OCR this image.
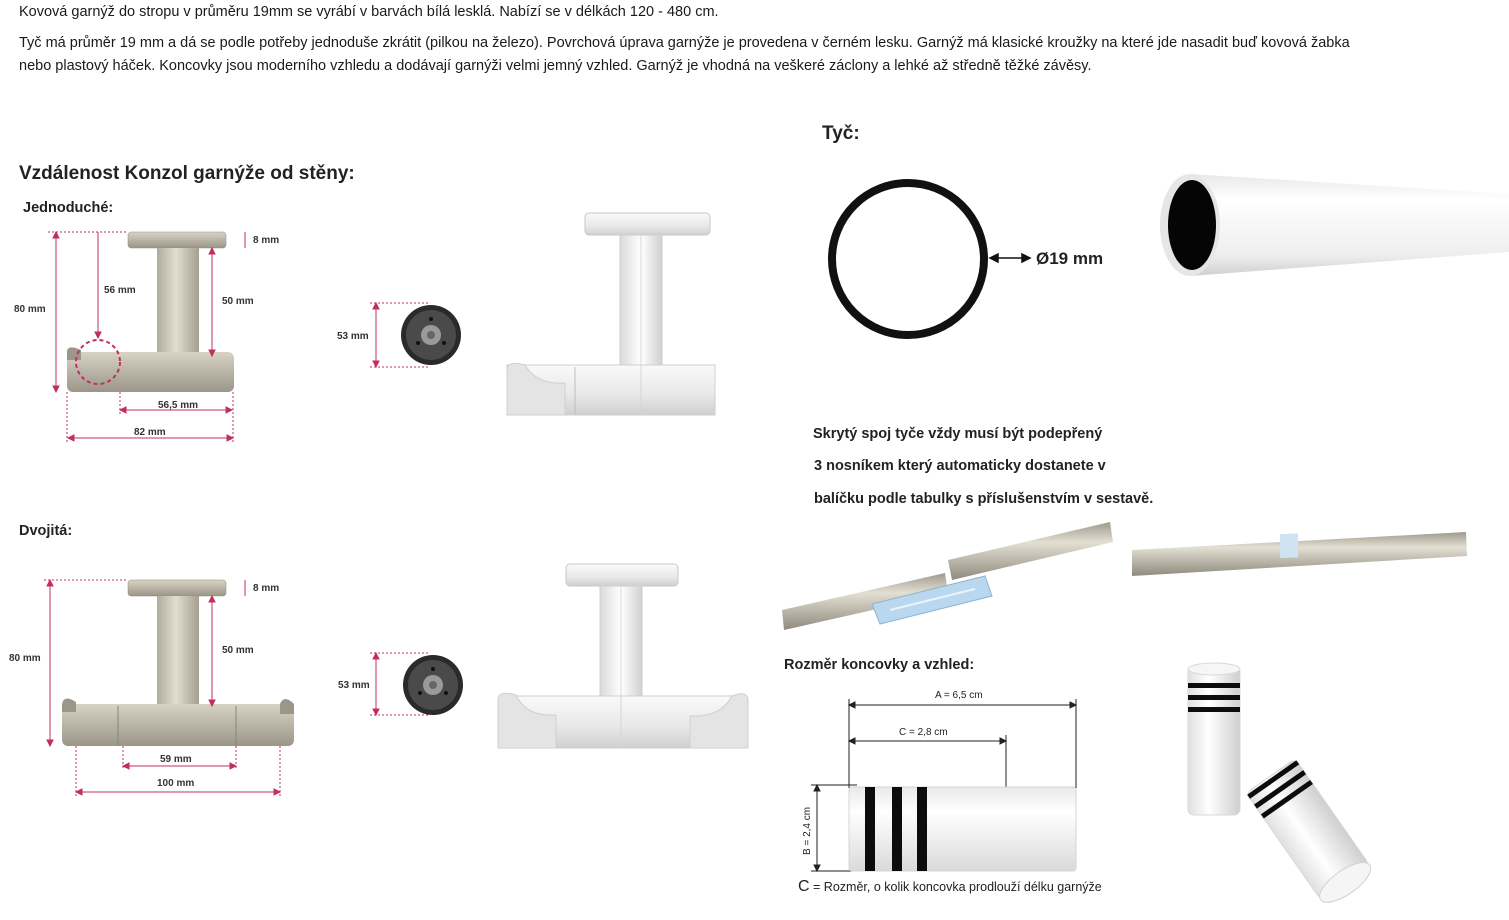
Kovová garnýž do stropu v průměru 19mm se vyrábí v barvách bílá lesklá. Nabízí se v délkách 120 - 480 cm.
Tyč má průměr 19 mm a dá se podle potřeby jednoduše zkrátit (pilkou na železo). Povrchová úprava garnýže je provedena v černém lesku. Garnýž má klasické kroužky na které jde nasadit buď kovová žabka
nebo plastový háček. Koncovky jsou moderního vzhledu a dodávají garnýži velmi jemný vzhled. Garnýž je vhodná na veškeré záclony a lehké až středně těžké závěsy.
Vzdálenost Konzol garnýže od stěny:
Jednoduché:
Dvojitá:
80 mm
56 mm
8 mm
50 mm
56,5 mm
82 mm
53 mm
80 mm
8 mm
50 mm
59 mm
100 mm
53 mm
Tyč:
Ø19 mm
Skrytý spoj tyče vždy musí být podepřený
3 nosníkem který automaticky dostanete v
balíčku podle tabulky s příslušenstvím v sestavě.
Rozměr koncovky a vzhled:
A = 6,5 cm
C = 2,8 cm
B = 2,4 cm
C = Rozměr, o kolik koncovka prodlouží délku garnýže
